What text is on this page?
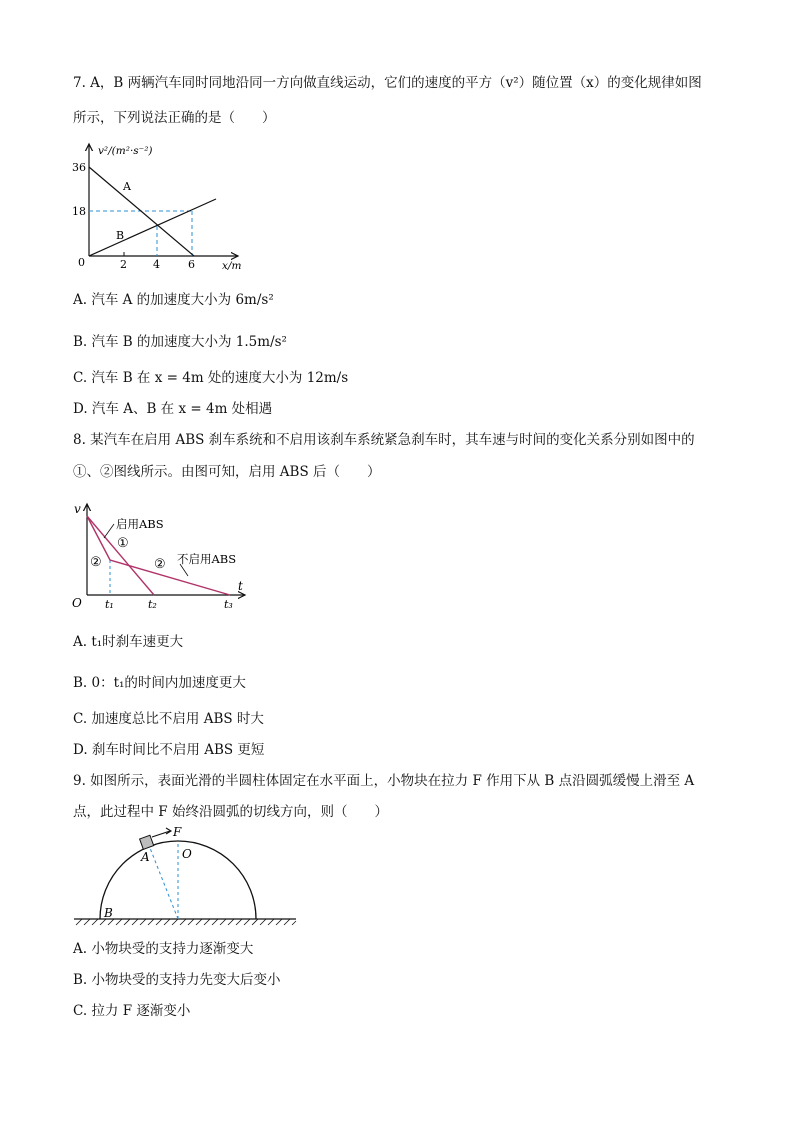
7. A，B 两辆汽车同时同地沿同一方向做直线运动，它们的速度的平方（v²）随位置（x）的变化规律如图
所示，下列说法正确的是（　　）
v²/(m²·s⁻²)
x/m
0
36
18
2 4	6
A
B
A. 汽车 A 的加速度大小为 6m/s²
B. 汽车 B 的加速度大小为 1.5m/s²
C. 汽车 B 在 x = 4m 处的速度大小为 12m/s
D. 汽车 A、B 在 x = 4m 处相遇
8. 某汽车在启用 ABS 刹车系统和不启用该刹车系统紧急刹车时，其车速与时间的变化关系分别如图中的
①、②图线所示。由图可知，启用 ABS 后（　　）
v
t
O
启用ABS
不启用ABS
①
②	②
t₁	t₂	t₃
A. t₁时刹车速更大
B. 0：t₁的时间内加速度更大
C. 加速度总比不启用 ABS 时大
D. 刹车时间比不启用 ABS 更短
9. 如图所示，表面光滑的半圆柱体固定在水平面上，小物块在拉力 F 作用下从 B 点沿圆弧缓慢上滑至 A
点，此过程中 F 始终沿圆弧的切线方向，则（　　）
F
A	O
B
A. 小物块受的支持力逐渐变大
B. 小物块受的支持力先变大后变小
C. 拉力 F 逐渐变小
